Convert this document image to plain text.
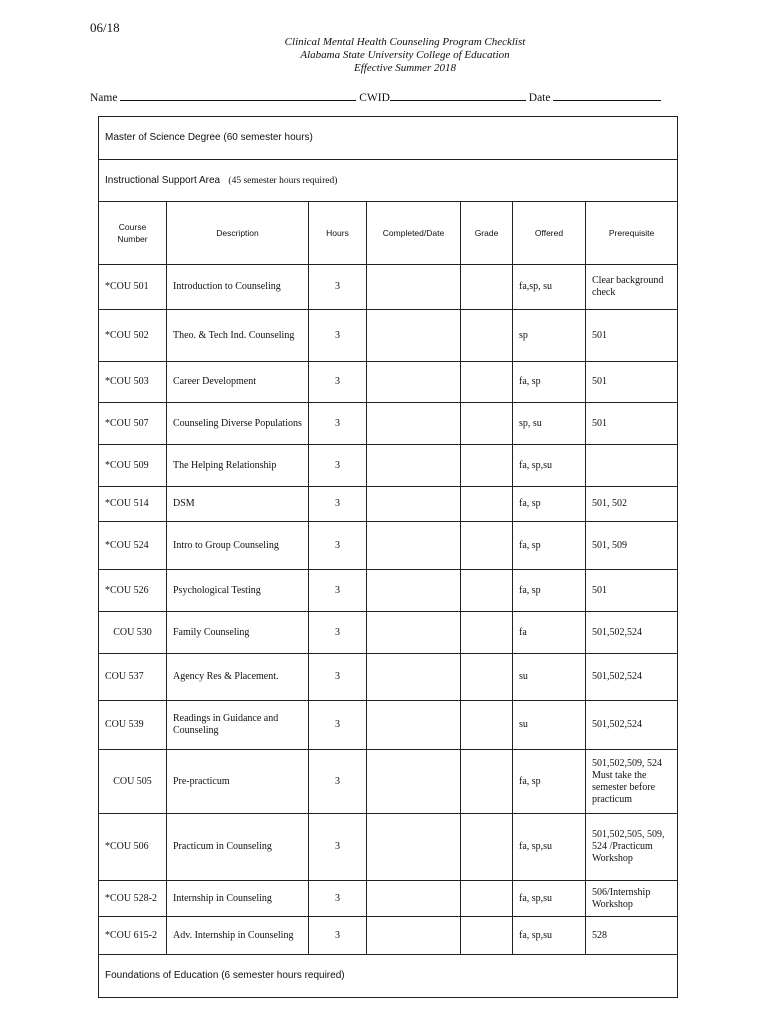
06/18
Clinical Mental Health Counseling Program Checklist
Alabama State University College of Education
Effective Summer 2018
Name	CWID	Date
Master of Science Degree (60 semester hours)						
Instructional Support Area (45 semester hours required)						
Course Number	Description	Hours	Completed/Date	Grade	Offered	Prerequisite
*COU 501	Introduction to Counseling	3			fa,sp, su	Clear background check
*COU 502	Theo. & Tech Ind. Counseling	3			sp	501
*COU 503	Career Development	3			fa, sp	501
*COU 507	Counseling Diverse Populations	3			sp, su	501
*COU 509	The Helping Relationship	3			fa, sp,su	
*COU 514	DSM	3			fa, sp	501, 502
*COU 524	Intro to Group Counseling	3			fa, sp	501, 509
*COU 526	Psychological Testing	3			fa, sp	501
COU 530	Family Counseling	3			fa	501,502,524
COU 537	Agency Res & Placement.	3			su	501,502,524
COU 539	Readings in Guidance and Counseling	3			su	501,502,524
COU 505	Pre-practicum	3			fa, sp	501,502,509, 524 Must take the semester before practicum
*COU 506	Practicum in Counseling	3			fa, sp,su	501,502,505, 509, 524 /Practicum Workshop
*COU 528-2	Internship in Counseling	3			fa, sp,su	506/Internship Workshop
*COU 615-2	Adv. Internship in Counseling	3			fa, sp,su	528
Foundations of Education (6 semester hours required)						
